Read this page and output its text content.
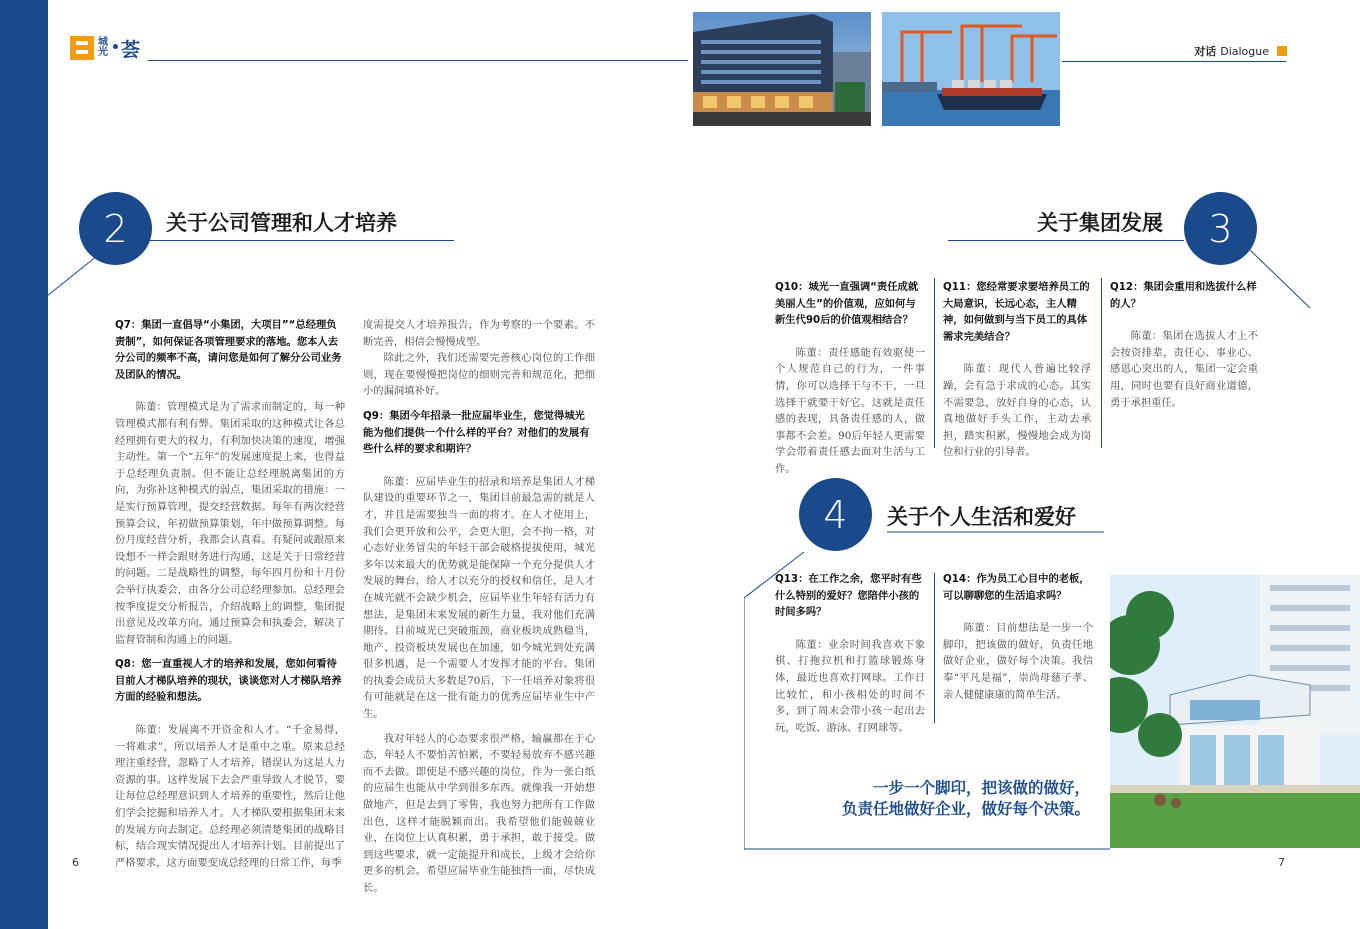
城光 • 荟	对话 Dialogue
2	关于公司管理和人才培养
Q7：集团一直倡导“小集团，大项目”“总经理负责制”，如何保证各项管理要求的落地。您本人去分公司的频率不高，请问您是如何了解分公司业务及团队的情况。
陈董：管理模式是为了需求而制定的，每一种管理模式都有利有弊。集团采取的这种模式让各总经理拥有更大的权力，有利加快决策的速度，增强主动性。第一个“五年”的发展速度提上来，也得益于总经理负责制。但不能让总经理脱离集团的方向，为弥补这种模式的弱点，集团采取的措施：一是实行预算管理，提交经营数据。每年有两次经营预算会议，年初做预算策划，年中做预算调整。每份月度经营分析，我都会认真看。有疑问或跟原来设想不一样会跟财务进行沟通，这是关于日常经营的问题。二是战略性的调整，每年四月份和十月份会举行执委会，由各分公司总经理参加。总经理会按季度提交分析报告，介绍战略上的调整，集团提出意见及改革方向。通过预算会和执委会，解决了监督管制和沟通上的问题。
Q8：您一直重视人才的培养和发展，您如何看待目前人才梯队培养的现状，谈谈您对人才梯队培养方面的经验和想法。
陈董：发展离不开资金和人才。“千金易得，一将难求”，所以培养人才是重中之重。原来总经理注重经营，忽略了人才培养，错误认为这是人力资源的事。这样发展下去会严重导致人才脱节，要让每位总经理意识到人才培养的重要性，然后让他们学会挖掘和培养人才。人才梯队要根据集团未来的发展方向去制定。总经理必须清楚集团的战略目标，结合现实情况提出人才培养计划。目前提出了严格要求，这方面要变成总经理的日常工作，每季
度需提交人才培养报告，作为考察的一个要素。不断完善，相信会慢慢成型。
除此之外，我们还需要完善核心岗位的工作细则，现在要慢慢把岗位的细则完善和规范化，把细小的漏洞填补好。
Q9：集团今年招录一批应届毕业生，您觉得城光能为他们提供一个什么样的平台？对他们的发展有些什么样的要求和期许？
陈董：应届毕业生的招录和培养是集团人才梯队建设的重要环节之一，集团目前最急需的就是人才，并且是需要独当一面的将才。在人才使用上，我们会更开放和公平，会更大胆，会不拘一格，对心态好业务冒尖的年轻干部会破格提拔使用，城光多年以来最大的优势就是能保障一个充分提供人才发展的舞台，给人才以充分的授权和信任，是人才在城光就不会缺少机会，应届毕业生年轻有活力有想法，是集团未来发展的新生力量，我对他们充满期待。目前城光已突破瓶颈，商业板块成熟稳当，地产、投资板块发展也在加速，如今城光到处充满很多机遇，是一个需要人才发挥才能的平台。集团的执委会成员大多数是70后，下一任培养对象将很有可能就是在这一批有能力的优秀应届毕业生中产生。
我对年轻人的心态要求很严格，输赢都在于心态，年轻人不要怕苦怕累，不要轻易放弃不感兴趣而不去做。即使是不感兴趣的岗位，作为一张白纸的应届生也能从中学到很多东西。就像我一开始想做地产，但是去到了零售，我也努力把所有工作做出色，这样才能脱颖而出。我希望他们能兢兢业业，在岗位上认真积累，勇于承担，敢于接受。做到这些要求，就一定能提升和成长，上级才会给你更多的机会。希望应届毕业生能独挡一面，尽快成长。
6
关于集团发展	3
Q10：城光一直强调“责任成就美丽人生”的价值观，应如何与新生代90后的价值观相结合？
陈董：责任感能有效驱使一个人规范自己的行为，一件事情，你可以选择干与不干，一旦选择干就要干好它。这就是责任感的表现，具备责任感的人，做事都不会差。90后年轻人更需要学会带着责任感去面对生活与工作。
Q11：您经常要求要培养员工的大局意识，长远心态，主人精神，如何做到与当下员工的具体需求完美结合？
陈董：现代人普遍比较浮躁，会有急于求成的心态。其实不需要急，放好自身的心态，认真地做好手头工作，主动去承担，踏实积累，慢慢地会成为岗位和行业的引导者。
Q12：集团会重用和选拔什么样的人？
陈董：集团在选拔人才上不会按资排辈，责任心、事业心、感恩心突出的人，集团一定会重用，同时也要有良好商业道德，勇于承担重任。
4	关于个人生活和爱好
Q13：在工作之余，您平时有些什么特别的爱好？您陪伴小孩的时间多吗？
陈董：业余时间我喜欢下象棋、打拖拉机和打篮球锻炼身体，最近也喜欢打网球。工作日比较忙，和小孩相处的时间不多，到了周末会带小孩一起出去玩，吃饭、游泳、打网球等。
Q14：作为员工心目中的老板，可以聊聊您的生活追求吗？
陈董：目前想法是一步一个脚印，把该做的做好，负责任地做好企业，做好每个决策。我信奉“平凡是福”，崇尚母慈子孝、亲人健健康康的简单生活。
一步一个脚印，把该做的做好，
负责任地做好企业，做好每个决策。
7
